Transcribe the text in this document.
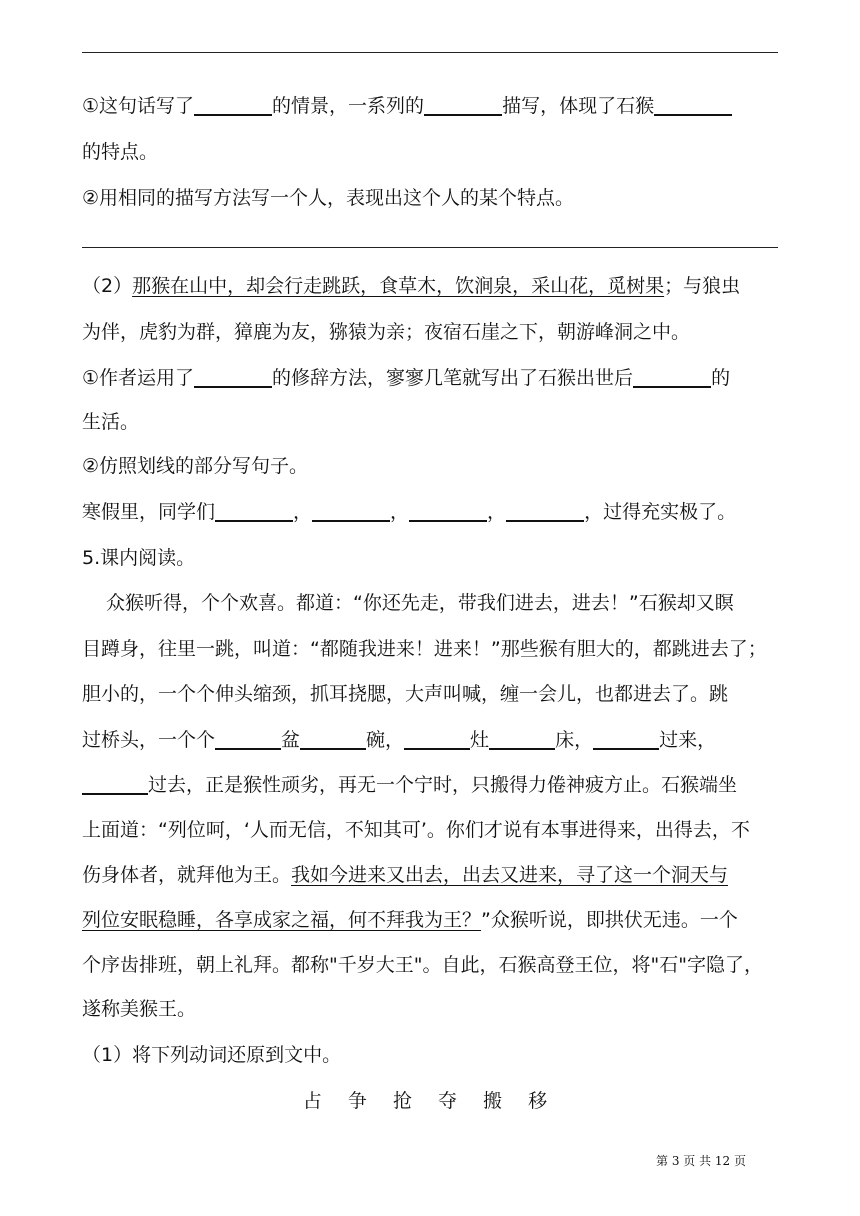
①这句话写了	的情景，一系列的	描写，体现了石猴
的特点。
②用相同的描写方法写一个人，表现出这个人的某个特点。
（2）那猴在山中，却会行走跳跃，食草木，饮涧泉，采山花，觅树果；与狼虫
为伴，虎豹为群，獐鹿为友，猕猿为亲；夜宿石崖之下，朝游峰洞之中。
①作者运用了	的修辞方法，寥寥几笔就写出了石猴出世后	的
生活。
②仿照划线的部分写句子。
寒假里，同学们	，	，	，	，过得充实极了。
5.课内阅读。
众猴听得，个个欢喜。都道：“你还先走，带我们进去，进去！”石猴却又瞑
目蹲身，往里一跳，叫道：“都随我进来！进来！”那些猴有胆大的，都跳进去了；
胆小的，一个个伸头缩颈，抓耳挠腮，大声叫喊，缠一会儿，也都进去了。跳
过桥头，一个个	盆	碗，	灶	床，	过来，
过去，正是猴性顽劣，再无一个宁时，只搬得力倦神疲方止。石猴端坐
上面道：“列位呵，‘人而无信，不知其可’。你们才说有本事进得来，出得去，不
伤身体者，就拜他为王。我如今进来又出去，出去又进来，寻了这一个洞天与
列位安眠稳睡，各享成家之福，何不拜我为王？”众猴听说，即拱伏无违。一个
个序齿排班，朝上礼拜。都称"千岁大王"。自此，石猴高登王位，将"石"字隐了，
遂称美猴王。
（1）将下列动词还原到文中。
占 争 抢 夺 搬 移
第 3 页 共 12 页
